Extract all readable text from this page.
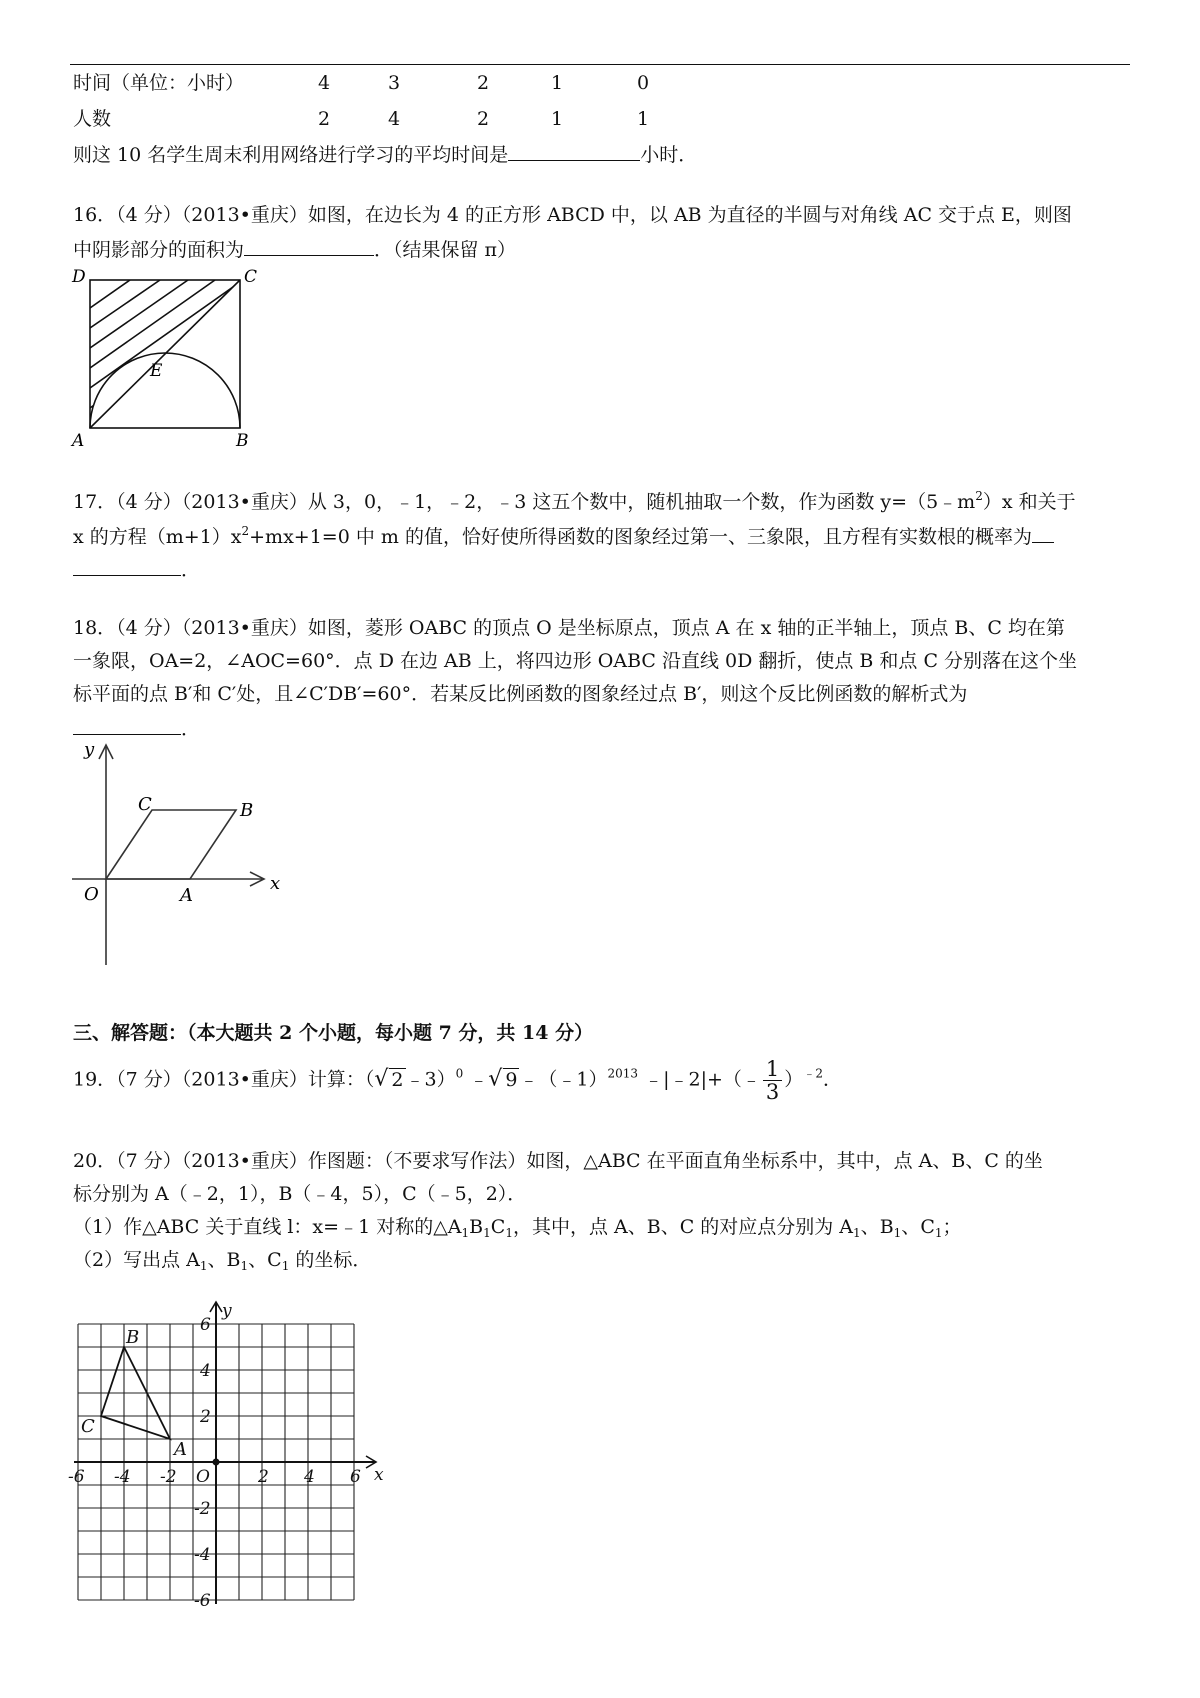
时间（单位：小时）	4	3	2	1	0
人数	2	4	2	1	1
则这 10 名学生周末利用网络进行学习的平均时间是	小时．
16．（4 分）（2013•重庆）如图，在边长为 4 的正方形 ABCD 中，以 AB 为直径的半圆与对角线 AC 交于点 E，则图
中阴影部分的面积为	．（结果保留 π）
D	C
E
A	B
17．（4 分）（2013•重庆）从 3，0，﹣1，﹣2，﹣3 这五个数中，随机抽取一个数，作为函数 $y=(5﹣m^2)x$ 和关于
x 的方程$(m+1)x^2+mx+1=0$ 中 m 的值，恰好使所得函数的图象经过第一、三象限，且方程有实数根的概率为
．
18．（4 分）（2013•重庆）如图，菱形 OABC 的顶点 O 是坐标原点，顶点 A 在 x 轴的正半轴上，顶点 B、C 均在第
一象限，OA=2，∠AOC=60°．点 D 在边 AB 上，将四边形 OABC 沿直线 0D 翻折，使点 B 和点 C 分别落在这个坐
标平面的点 B′和 C′处，且∠C′DB′=60°．若某反比例函数的图象经过点 B′，则这个反比例函数的解析式为
．
y
x
O	A
B
C
三、解答题：（本大题共 2 个小题，每小题 7 分，共 14 分）
19．（7 分）（2013•重庆）计算：（√ 2 ﹣3）$^0$ ﹣√ 9 ﹣（﹣1）$^{2013}$ ﹣|﹣2|+（﹣ $\frac{1}{3} )^{﹣2}$．
20．（7 分）（2013•重庆）作图题：（不要求写作法）如图，△ABC 在平面直角坐标系中，其中，点 A、B、C 的坐
标分别为 A（﹣2，1），B（﹣4，5），C（﹣5，2）．
（1）作△ABC 关于直线 l：x=﹣1 对称的$\triangle A_1B_1C_1$，其中，点 A、B、C 的对应点分别为 $A_1$、$B_1$、$C_1$；
（2）写出点 $A_1$、$B_1$、$C_1$ 的坐标．
-6 -4 -2	2 4 6
6
4
2
-2
-4
-6
x
y
O
A
B
C
